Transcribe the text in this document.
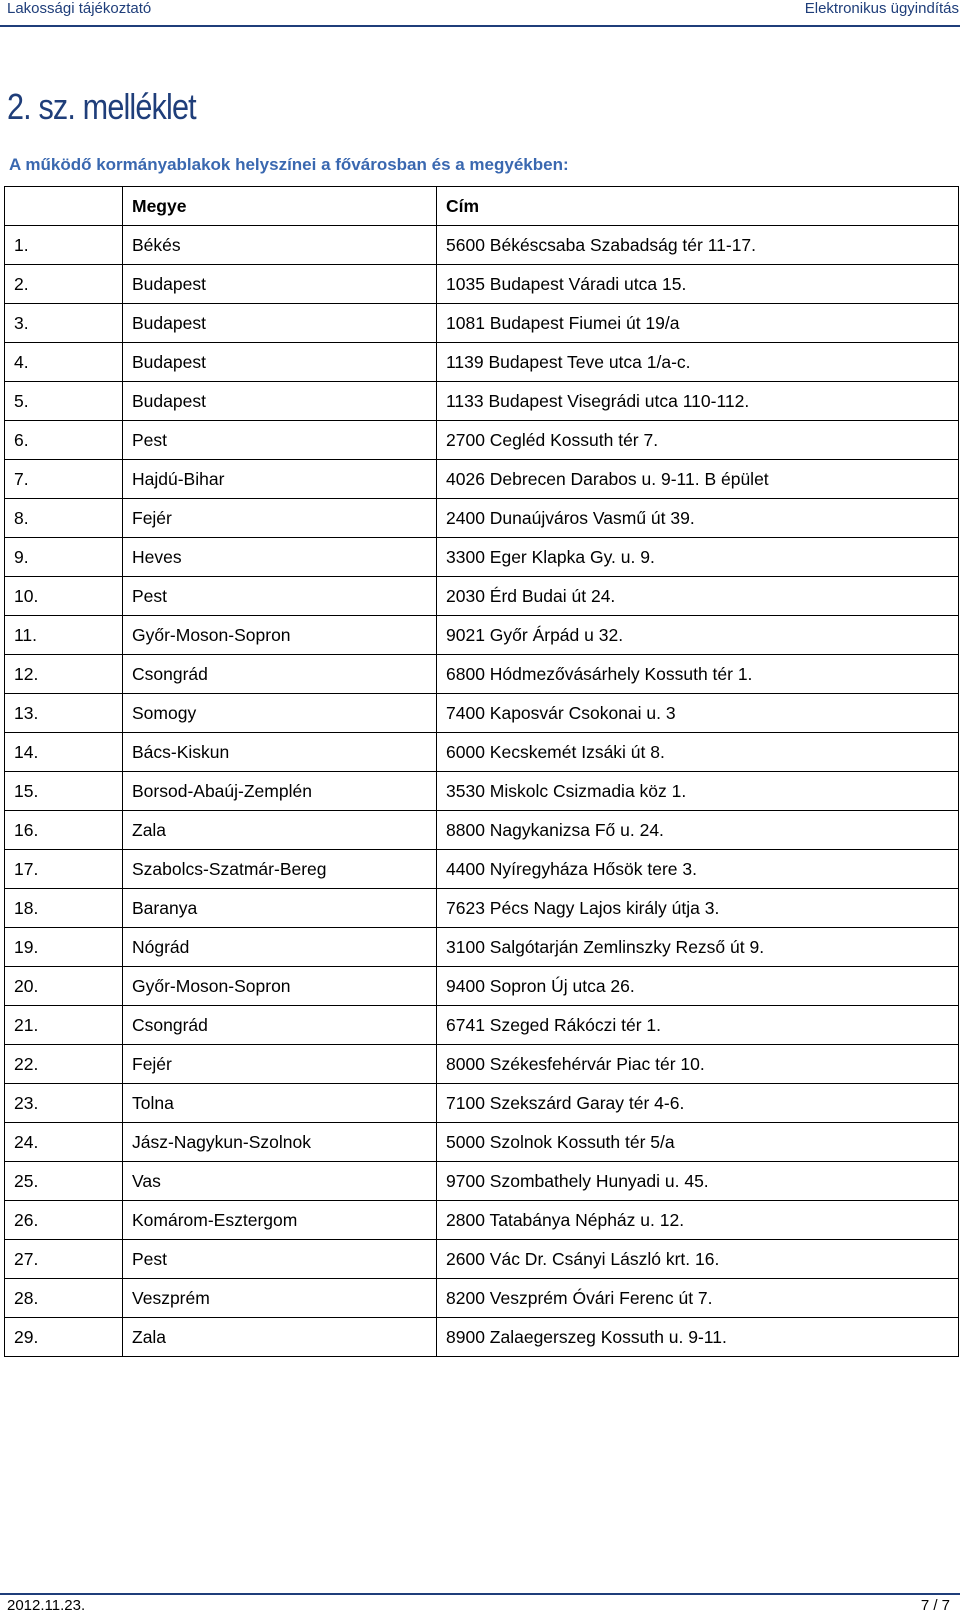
Lakossági tájékoztató	Elektronikus ügyindítás
2. sz. melléklet
A működő kormányablakok helyszínei a fővárosban és a megyékben:
	Megye	Cím
1.	Békés	5600 Békéscsaba Szabadság tér 11-17.
2.	Budapest	1035 Budapest Váradi utca 15.
3.	Budapest	1081 Budapest Fiumei út 19/a
4.	Budapest	1139 Budapest Teve utca 1/a-c.
5.	Budapest	1133 Budapest Visegrádi utca 110-112.
6.	Pest	2700 Cegléd Kossuth tér 7.
7.	Hajdú-Bihar	4026 Debrecen Darabos u. 9-11. B épület
8.	Fejér	2400 Dunaújváros Vasmű út 39.
9.	Heves	3300 Eger Klapka Gy. u. 9.
10.	Pest	2030 Érd Budai út 24.
11.	Győr-Moson-Sopron	9021 Győr Árpád u 32.
12.	Csongrád	6800 Hódmezővásárhely Kossuth tér 1.
13.	Somogy	7400 Kaposvár Csokonai u. 3
14.	Bács-Kiskun	6000 Kecskemét Izsáki út 8.
15.	Borsod-Abaúj-Zemplén	3530 Miskolc Csizmadia köz 1.
16.	Zala	8800 Nagykanizsa Fő u. 24.
17.	Szabolcs-Szatmár-Bereg	4400 Nyíregyháza Hősök tere 3.
18.	Baranya	7623 Pécs Nagy Lajos király útja 3.
19.	Nógrád	3100 Salgótarján Zemlinszky Rezső út 9.
20.	Győr-Moson-Sopron	9400 Sopron Új utca 26.
21.	Csongrád	6741 Szeged Rákóczi tér 1.
22.	Fejér	8000 Székesfehérvár Piac tér 10.
23.	Tolna	7100 Szekszárd Garay tér 4-6.
24.	Jász-Nagykun-Szolnok	5000 Szolnok Kossuth tér 5/a
25.	Vas	9700 Szombathely Hunyadi u. 45.
26.	Komárom-Esztergom	2800 Tatabánya Népház u. 12.
27.	Pest	2600 Vác Dr. Csányi László krt. 16.
28.	Veszprém	8200 Veszprém Óvári Ferenc út 7.
29.	Zala	8900 Zalaegerszeg Kossuth u. 9-11.
2012.11.23.	7 / 7
